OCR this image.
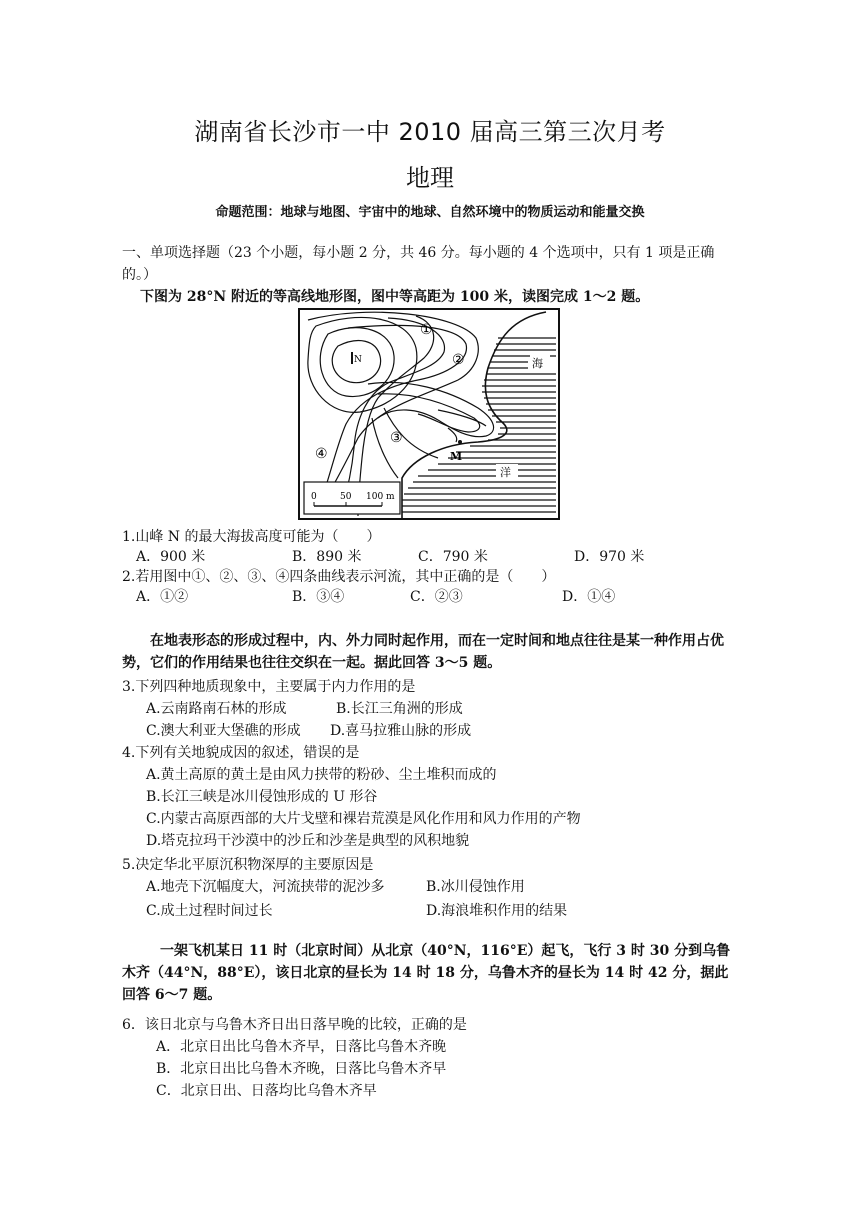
湖南省长沙市一中 2010 届高三第三次月考
地理
命题范围：地球与地图、宇宙中的地球、自然环境中的物质运动和能量交换
一、单项选择题（23 个小题，每小题 2 分，共 46 分。每小题的 4 个选项中，只有 1 项是正确的。）
下图为 28°N 附近的等高线地形图，图中等高距为 100 米，读图完成 1～2 题。
N
M
①
②
③
④
海
洋
0	50 100 m
1.山峰 N 的最大海拔高度可能为（　　）
A．900 米	B．890 米	C．790 米	D．970 米
2.若用图中①、②、③、④四条曲线表示河流，其中正确的是（　　）
A．①②	B．③④	C．②③	D．①④
在地表形态的形成过程中，内、外力同时起作用，而在一定时间和地点往往是某一种作用占优势，它们的作用结果也往往交织在一起。据此回答 3～5 题。
3.下列四种地质现象中，主要属于内力作用的是
A.云南路南石林的形成	B.长江三角洲的形成
C.澳大利亚大堡礁的形成 D.喜马拉雅山脉的形成
4.下列有关地貌成因的叙述，错误的是
A.黄土高原的黄土是由风力挟带的粉砂、尘土堆积而成的
B.长江三峡是冰川侵蚀形成的 U 形谷
C.内蒙古高原西部的大片戈壁和裸岩荒漠是风化作用和风力作用的产物
D.塔克拉玛干沙漠中的沙丘和沙垄是典型的风积地貌
5.决定华北平原沉积物深厚的主要原因是
A.地壳下沉幅度大，河流挟带的泥沙多	B.冰川侵蚀作用
C.成土过程时间过长	D.海浪堆积作用的结果
一架飞机某日 11 时（北京时间）从北京（40°N，116°E）起飞，飞行 3 时 30 分到乌鲁木齐（44°N，88°E），该日北京的昼长为 14 时 18 分，乌鲁木齐的昼长为 14 时 42 分，据此回答 6～7 题。
6．该日北京与乌鲁木齐日出日落早晚的比较，正确的是
A．北京日出比乌鲁木齐早，日落比乌鲁木齐晚
B．北京日出比乌鲁木齐晚，日落比乌鲁木齐早
C．北京日出、日落均比乌鲁木齐早
